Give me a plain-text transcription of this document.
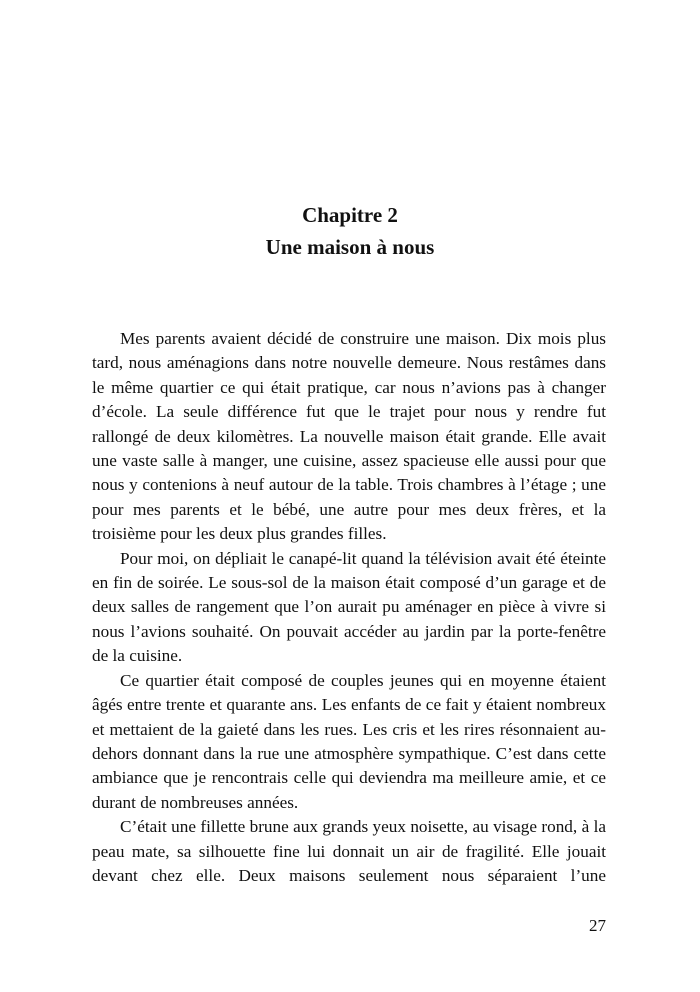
Chapitre 2

Une maison à nous

Mes parents avaient décidé de construire une maison. Dix mois plus tard, nous aménagions dans notre nouvelle demeure. Nous restâmes dans le même quartier ce qui était pratique, car nous n’avions pas à changer d’école. La seule différence fut que le trajet pour nous y rendre fut rallongé de deux kilomètres. La nouvelle maison était grande. Elle avait une vaste salle à manger, une cuisine, assez spacieuse elle aussi pour que nous y contenions à neuf autour de la table. Trois chambres à l’étage ; une pour mes parents et le bébé, une autre pour mes deux frères, et la troisième pour les deux plus grandes filles.

Pour moi, on dépliait le canapé-lit quand la télévision avait été éteinte en fin de soirée. Le sous-sol de la maison était composé d’un garage et de deux salles de rangement que l’on aurait pu aménager en pièce à vivre si nous l’avions souhaité. On pouvait accéder au jardin par la porte-fenêtre de la cuisine.

Ce quartier était composé de couples jeunes qui en moyenne étaient âgés entre trente et quarante ans. Les enfants de ce fait y étaient nombreux et mettaient de la gaieté dans les rues. Les cris et les rires résonnaient au-dehors donnant dans la rue une atmosphère sympathique. C’est dans cette ambiance que je rencontrais celle qui deviendra ma meilleure amie, et ce durant de nombreuses années.

C’était une fillette brune aux grands yeux noisette, au visage rond, à la peau mate, sa silhouette fine lui donnait un air de fragilité. Elle jouait devant chez elle. Deux maisons seulement nous séparaient l’une

27
